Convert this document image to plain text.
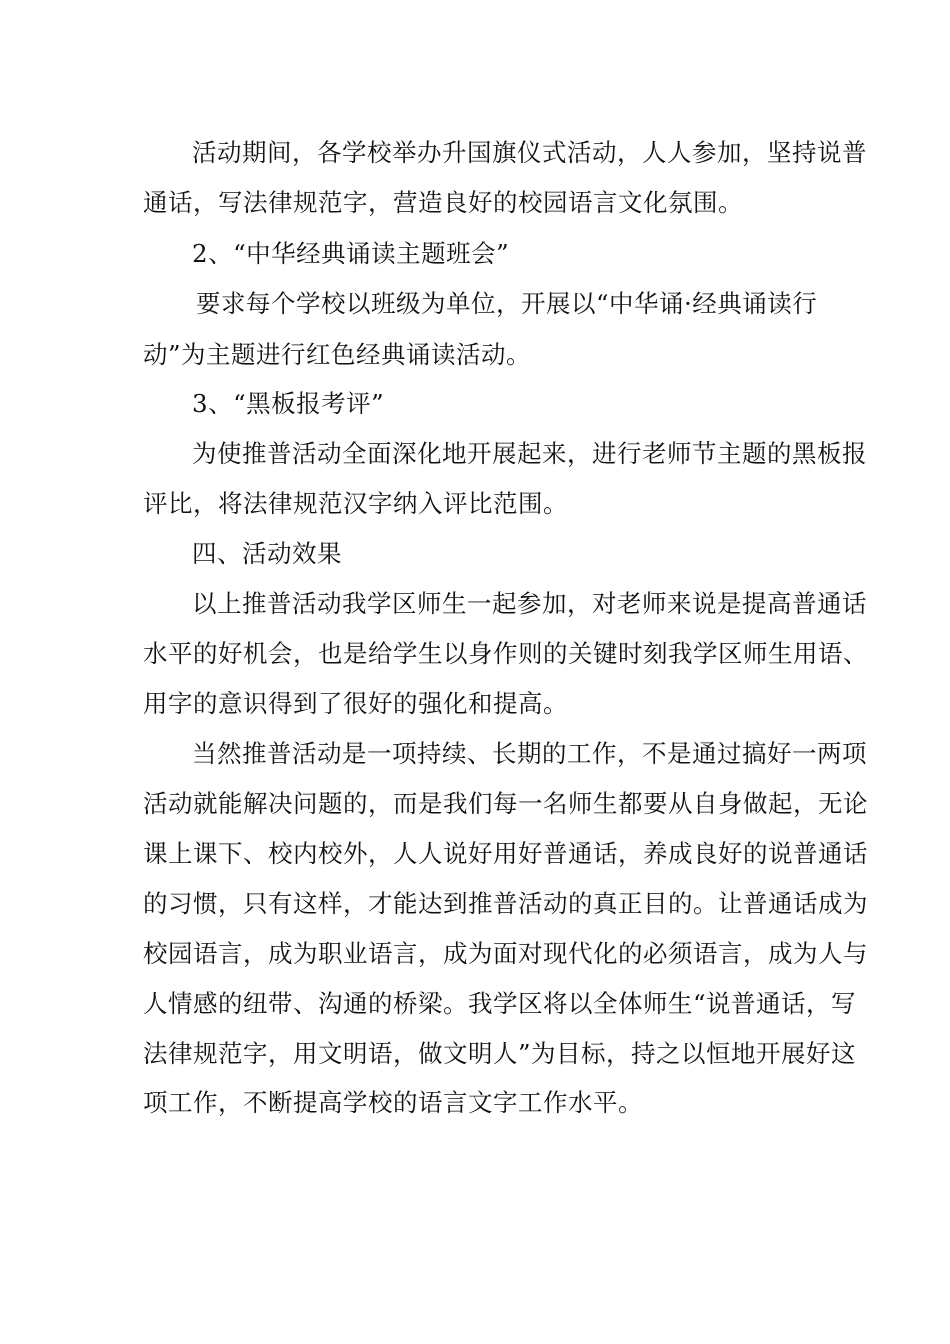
活动期间，各学校举办升国旗仪式活动，人人参加，坚持说普
通话，写法律规范字，营造良好的校园语言文化氛围。
2、“中华经典诵读主题班会”
要求每个学校以班级为单位，开展以“中华诵·经典诵读行
动”为主题进行红色经典诵读活动。
3、“黑板报考评”
为使推普活动全面深化地开展起来，进行老师节主题的黑板报
评比，将法律规范汉字纳入评比范围。
四、活动效果
以上推普活动我学区师生一起参加，对老师来说是提高普通话
水平的好机会，也是给学生以身作则的关键时刻我学区师生用语、
用字的意识得到了很好的强化和提高。
当然推普活动是一项持续、长期的工作，不是通过搞好一两项
活动就能解决问题的，而是我们每一名师生都要从自身做起，无论
课上课下、校内校外，人人说好用好普通话，养成良好的说普通话
的习惯，只有这样，才能达到推普活动的真正目的。让普通话成为
校园语言，成为职业语言，成为面对现代化的必须语言，成为人与
人情感的纽带、沟通的桥梁。我学区将以全体师生“说普通话，写
法律规范字，用文明语，做文明人”为目标，持之以恒地开展好这
项工作，不断提高学校的语言文字工作水平。
